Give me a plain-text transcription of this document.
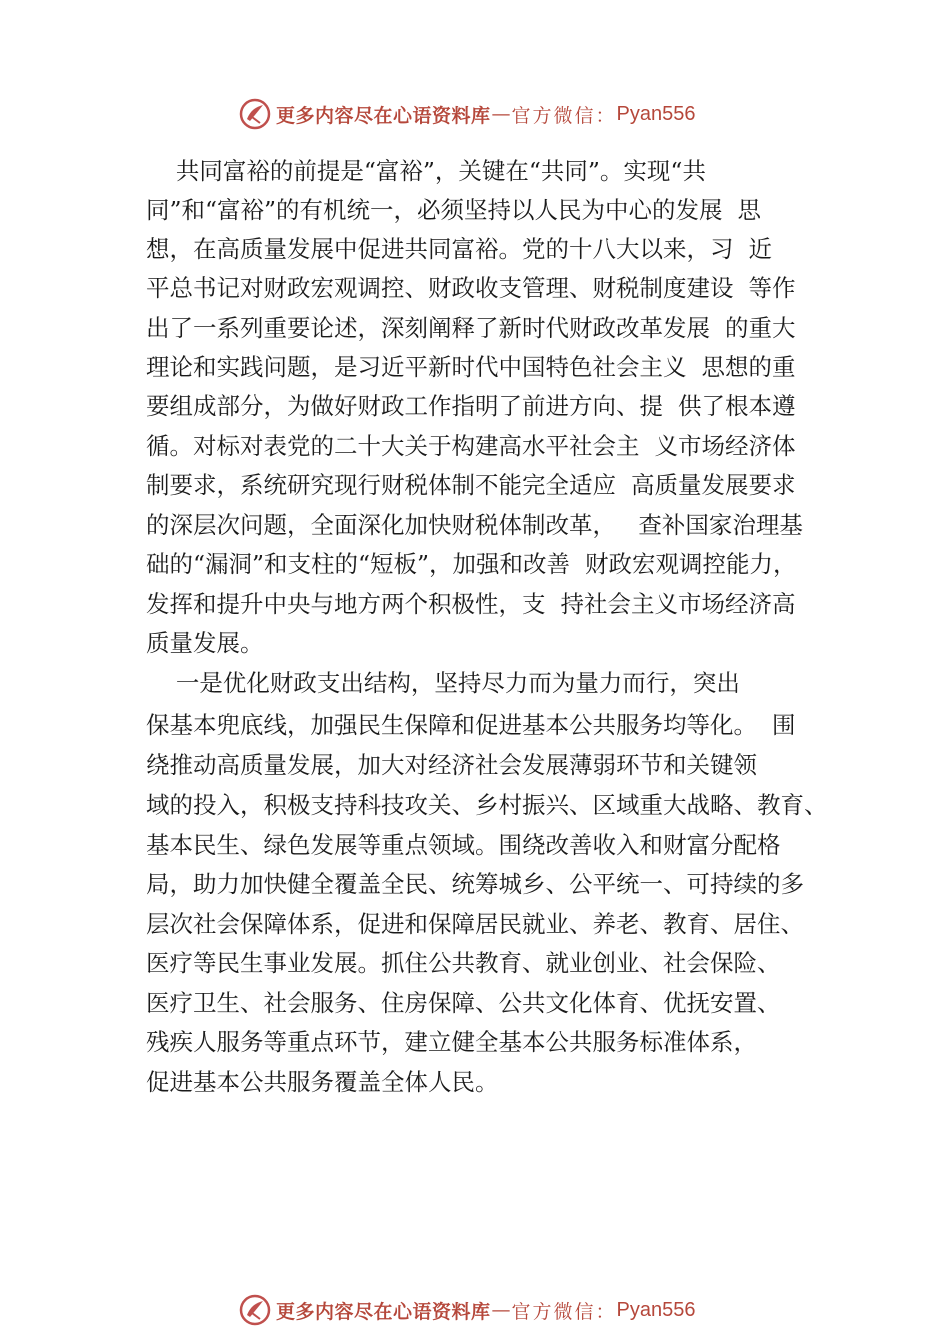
更多内容尽在心语资料库 — 官方微信： Pyan556
共同富裕的前提是“富裕”，关键在“共同”。实现“共
同”和“富裕”的有机统一，必须坚持以人民为中心的发展  思
想，在高质量发展中促进共同富裕。党的十八大以来，习  近
平总书记对财政宏观调控、财政收支管理、财税制度建设  等作
出了一系列重要论述，深刻阐释了新时代财政改革发展  的重大
理论和实践问题，是习近平新时代中国特色社会主义  思想的重
要组成部分，为做好财政工作指明了前进方向、提  供了根本遵
循。对标对表党的二十大关于构建高水平社会主  义市场经济体
制要求，系统研究现行财税体制不能完全适应  高质量发展要求
的深层次问题，全面深化加快财税体制改革，   查补国家治理基
础的“漏洞”和支柱的“短板”，加强和改善  财政宏观调控能力，
发挥和提升中央与地方两个积极性，支  持社会主义市场经济高
质量发展。
一是优化财政支出结构，坚持尽力而为量力而行，突出
保基本兜底线，加强民生保障和促进基本公共服务均等化。  围
绕推动高质量发展，加大对经济社会发展薄弱环节和关键领
域的投入，积极支持科技攻关、乡村振兴、区域重大战略、教育、
基本民生、绿色发展等重点领域。围绕改善收入和财富分配格
局，助力加快健全覆盖全民、统筹城乡、公平统一、可持续的多
层次社会保障体系，促进和保障居民就业、养老、教育、居住、
医疗等民生事业发展。抓住公共教育、就业创业、社会保险、
医疗卫生、社会服务、住房保障、公共文化体育、优抚安置、
残疾人服务等重点环节，建立健全基本公共服务标准体系，
促进基本公共服务覆盖全体人民。
更多内容尽在心语资料库 — 官方微信： Pyan556
